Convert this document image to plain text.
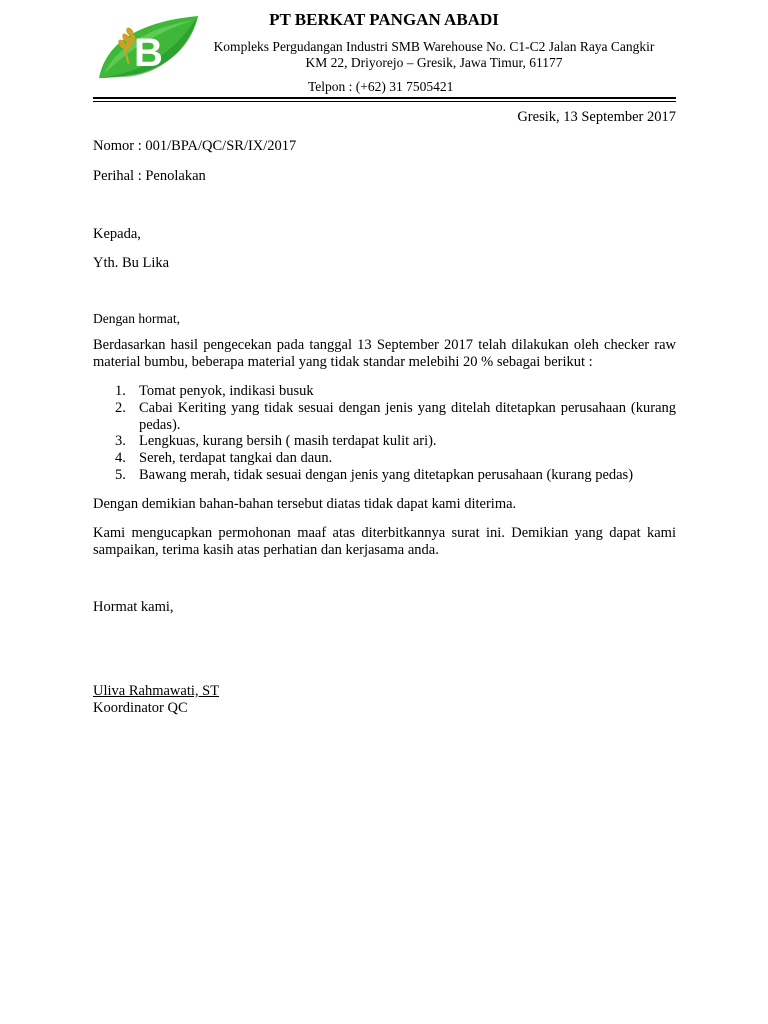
B
PT BERKAT PANGAN ABADI
Kompleks Pergudangan Industri SMB Warehouse No. C1-C2 Jalan Raya Cangkir
KM 22, Driyorejo – Gresik, Jawa Timur, 61177
Telpon : (+62) 31 7505421
Gresik, 13 September 2017
Nomor : 001/BPA/QC/SR/IX/2017
Perihal : Penolakan
Kepada,
Yth. Bu Lika
Dengan hormat,
Berdasarkan hasil pengecekan pada tanggal 13 September 2017 telah dilakukan oleh checker raw material bumbu, beberapa material yang tidak standar melebihi 20 % sebagai berikut :
1. Tomat penyok, indikasi busuk
2. Cabai Keriting yang tidak sesuai dengan jenis yang ditelah ditetapkan perusahaan (kurang pedas).
3. Lengkuas, kurang bersih ( masih terdapat kulit ari).
4. Sereh, terdapat tangkai dan daun.
5. Bawang merah, tidak sesuai dengan jenis yang ditetapkan perusahaan (kurang pedas)
Dengan demikian bahan-bahan tersebut diatas tidak dapat kami diterima.
Kami mengucapkan permohonan maaf atas diterbitkannya surat ini. Demikian yang dapat kami sampaikan, terima kasih atas perhatian dan kerjasama anda.
Hormat kami,
Uliva Rahmawati, ST
Koordinator QC
